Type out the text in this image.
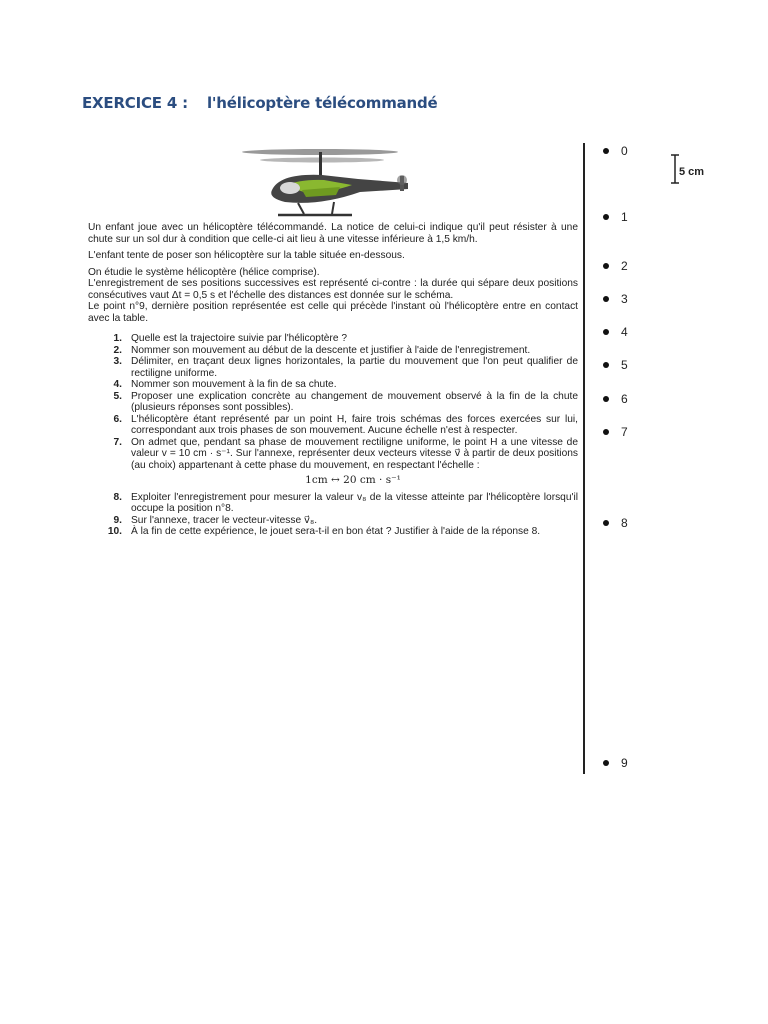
EXERCICE 4 : l'hélicoptère télécommandé

Un enfant joue avec un hélicoptère télécommandé. La notice de celui-ci indique qu'il peut résister à une chute sur un sol dur à condition que celle-ci ait lieu à une vitesse inférieure à 1,5 km/h.

L'enfant tente de poser son hélicoptère sur la table située en-dessous.

On étudie le système hélicoptère (hélice comprise).

L'enregistrement de ses positions successives est représenté ci-contre : la durée qui sépare deux positions consécutives vaut Δt = 0,5 s et l'échelle des distances est donnée sur le schéma.

Le point n°9, dernière position représentée est celle qui précède l'instant où l'hélicoptère entre en contact avec la table.

1. Quelle est la trajectoire suivie par l'hélicoptère ?
2. Nommer son mouvement au début de la descente et justifier à l'aide de l'enregistrement.
3. Délimiter, en traçant deux lignes horizontales, la partie du mouvement que l'on peut qualifier de rectiligne uniforme.
4. Nommer son mouvement à la fin de sa chute.
5. Proposer une explication concrète au changement de mouvement observé à la fin de la chute (plusieurs réponses sont possibles).
6. L'hélicoptère étant représenté par un point H, faire trois schémas des forces exercées sur lui, correspondant aux trois phases de son mouvement. Aucune échelle n'est à respecter.
7. On admet que, pendant sa phase de mouvement rectiligne uniforme, le point H a une vitesse de valeur v = 10 cm · s⁻¹. Sur l'annexe, représenter deux vecteurs vitesse v⃗ à partir de deux positions (au choix) appartenant à cette phase du mouvement, en respectant l'échelle :
1cm ↔ 20 cm · s⁻¹
8. Exploiter l'enregistrement pour mesurer la valeur v₈ de la vitesse atteinte par l'hélicoptère lorsqu'il occupe la position n°8.
9. Sur l'annexe, tracer le vecteur-vitesse v⃗₈.
10. À la fin de cette expérience, le jouet sera-t-il en bon état ? Justifier à l'aide de la réponse 8.
0
1
2
3
4
5
6
7
8
9
5 cm
